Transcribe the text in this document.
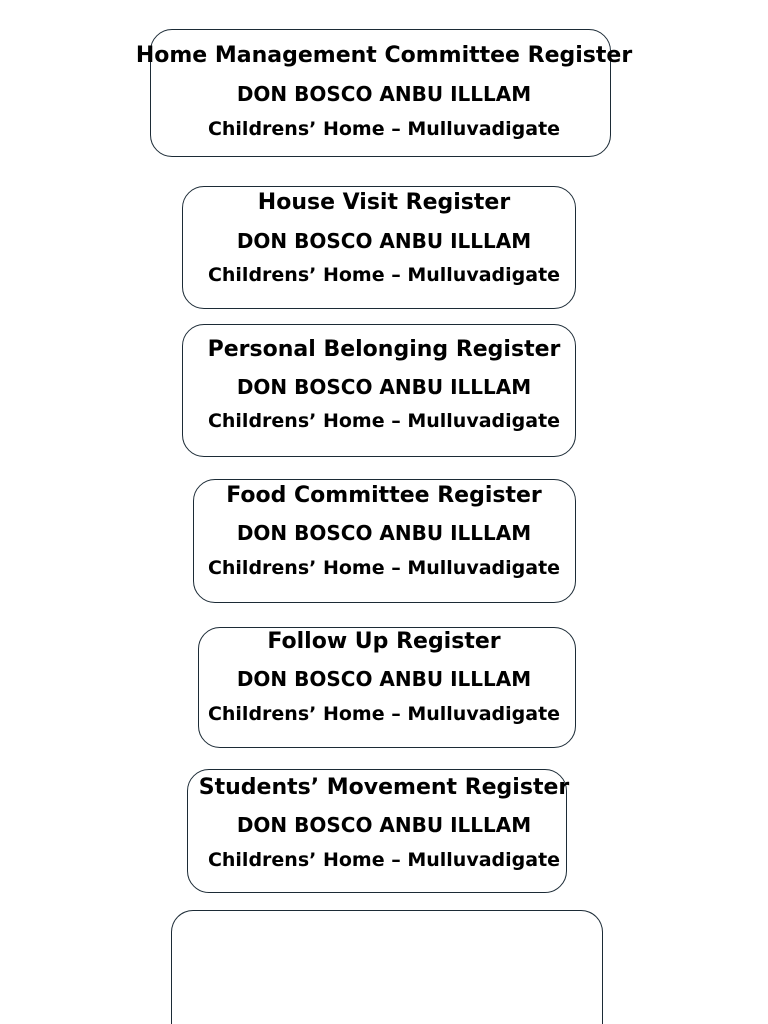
Home Management Committee Register
DON BOSCO ANBU ILLLAM
Childrens’ Home – Mulluvadigate
House Visit Register
DON BOSCO ANBU ILLLAM
Childrens’ Home – Mulluvadigate
Personal Belonging Register
DON BOSCO ANBU ILLLAM
Childrens’ Home – Mulluvadigate
Food Committee Register
DON BOSCO ANBU ILLLAM
Childrens’ Home – Mulluvadigate
Follow Up Register
DON BOSCO ANBU ILLLAM
Childrens’ Home – Mulluvadigate
Students’ Movement Register
DON BOSCO ANBU ILLLAM
Childrens’ Home – Mulluvadigate
